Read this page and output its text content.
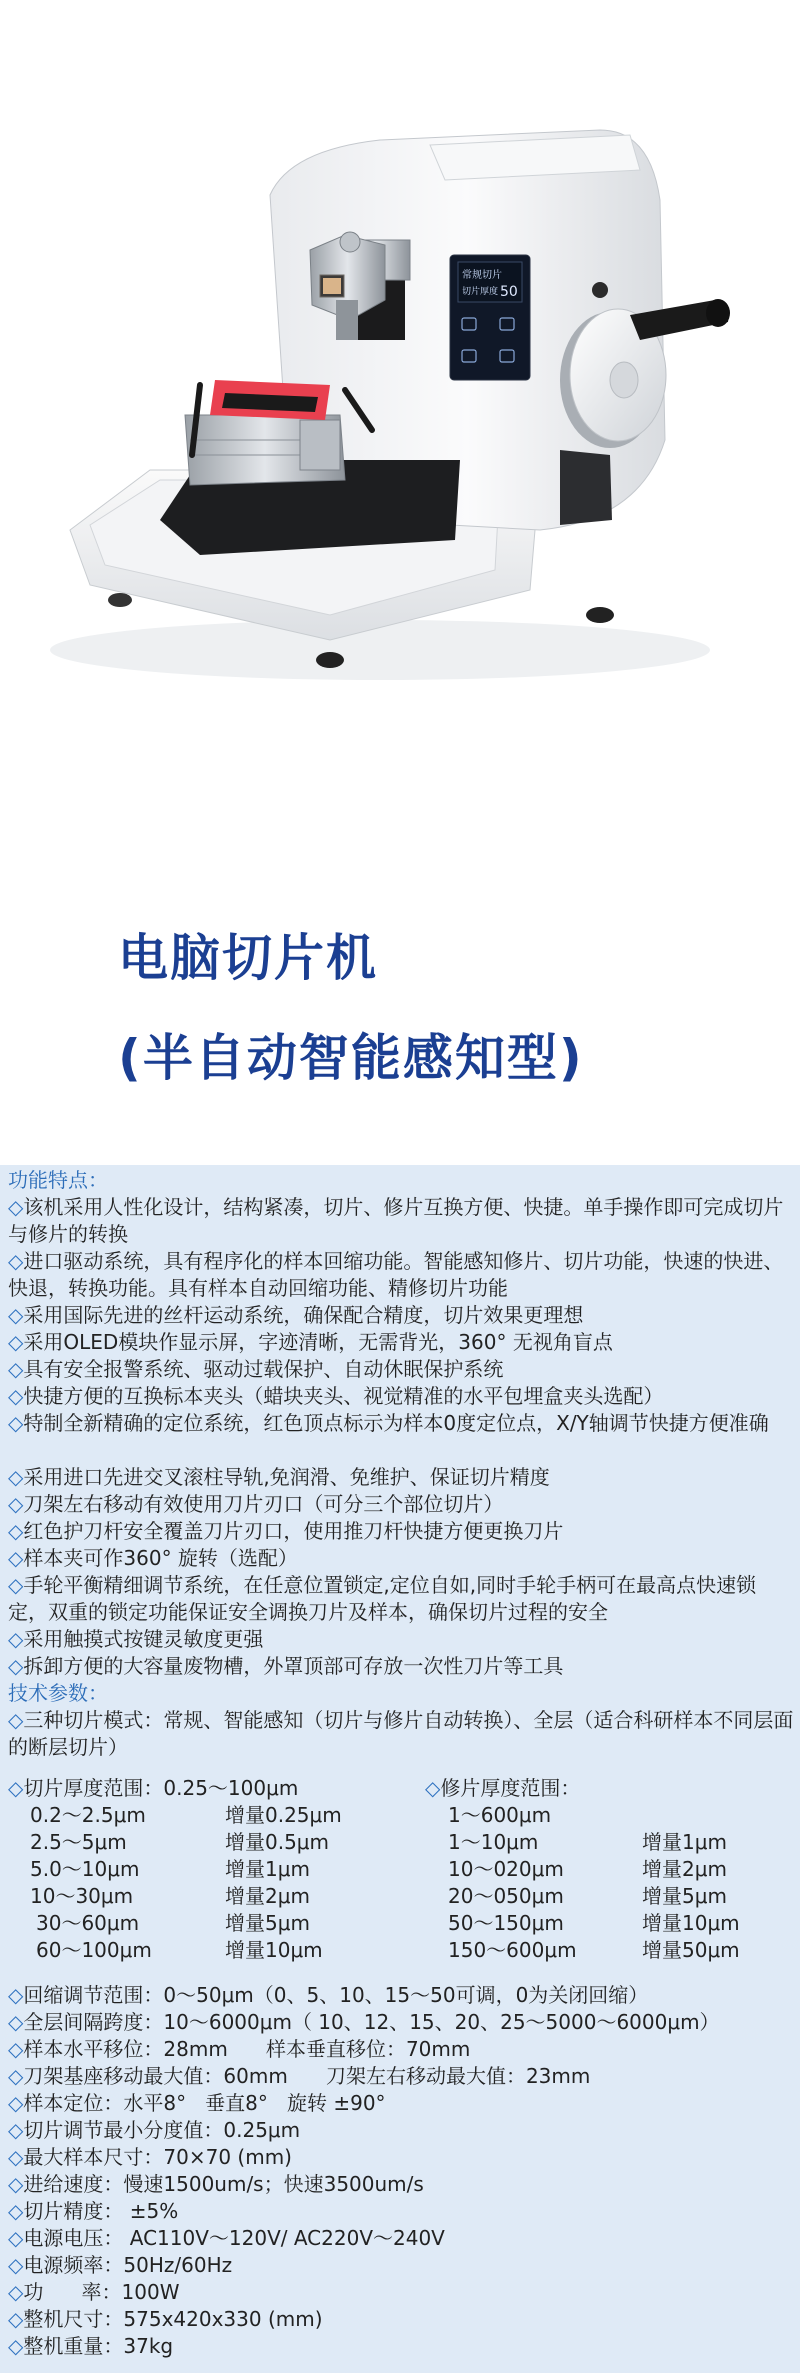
常规切片
切片厚度 50
电脑切片机
(半自动智能感知型)
功能特点：
◇该机采用人性化设计，结构紧凑，切片、修片互换方便、快捷。单手操作即可完成切片与修片的转换
◇进口驱动系统，具有程序化的样本回缩功能。智能感知修片、切片功能，快速的快进、快退，转换功能。具有样本自动回缩功能、精修切片功能
◇采用国际先进的丝杆运动系统，确保配合精度，切片效果更理想
◇采用OLED模块作显示屏，字迹清晰，无需背光，360° 无视角盲点
◇具有安全报警系统、驱动过载保护、自动休眠保护系统
◇快捷方便的互换标本夹头（蜡块夹头、视觉精准的水平包埋盒夹头选配）
◇特制全新精确的定位系统，红色顶点标示为样本0度定位点，X/Y轴调节快捷方便准确
◇采用进口先进交叉滚柱导轨,免润滑、免维护、保证切片精度
◇刀架左右移动有效使用刀片刃口（可分三个部位切片）
◇红色护刀杆安全覆盖刀片刃口，使用推刀杆快捷方便更换刀片
◇样本夹可作360° 旋转（选配）
◇手轮平衡精细调节系统，在任意位置锁定,定位自如,同时手轮手柄可在最高点快速锁定，双重的锁定功能保证安全调换刀片及样本，确保切片过程的安全
◇采用触摸式按键灵敏度更强
◇拆卸方便的大容量废物槽，外罩顶部可存放一次性刀片等工具
技术参数：
◇三种切片模式：常规、智能感知（切片与修片自动转换）、全层（适合科研样本不同层面的断层切片）
◇切片厚度范围：0.25～100μm
0.2～2.5μm	增量0.25μm
2.5～5μm	增量0.5μm
5.0～10μm	增量1μm
10～30μm	增量2μm
30～60μm	增量5μm
60～100μm	增量10μm
◇修片厚度范围：
1～600μm
1～10μm	增量1μm
10～020μm	增量2μm
20～050μm	增量5μm
50～150μm	增量10μm
150～600μm	增量50μm
◇回缩调节范围：0～50μm（0、5、10、15～50可调，0为关闭回缩）
◇全层间隔跨度：10～6000μm（ 10、12、15、20、25～5000～6000μm）
◇样本水平移位：28mm      样本垂直移位：70mm
◇刀架基座移动最大值：60mm      刀架左右移动最大值：23mm
◇样本定位：水平8°   垂直8°   旋转 ±90°
◇切片调节最小分度值：0.25μm
◇最大样本尺寸：70×70 (mm)
◇进给速度：慢速1500um/s；快速3500um/s
◇切片精度： ±5%
◇电源电压： AC110V～120V/ AC220V～240V
◇电源频率：50Hz/60Hz
◇功      率：100W
◇整机尺寸：575x420x330 (mm)
◇整机重量：37kg
